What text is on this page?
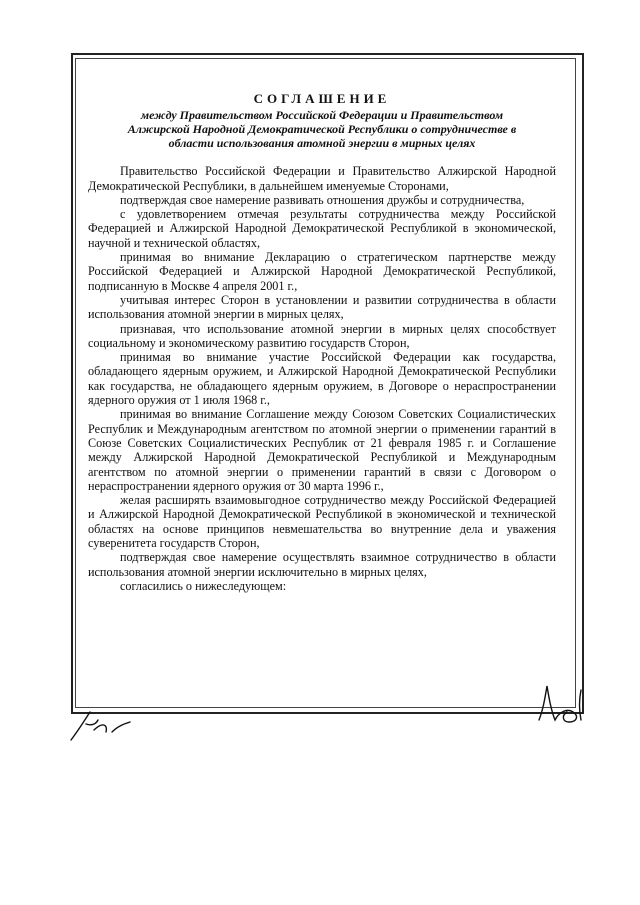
СОГЛАШЕНИЕ
между Правительством Российской Федерации и Правительством
Алжирской Народной Демократической Республики о сотрудничестве в
области использования атомной энергии в мирных целях

Правительство Российской Федерации и Правительство Алжирской Народной Демократической Республики, в дальнейшем именуемые Сторонами,

подтверждая свое намерение развивать отношения дружбы и сотрудничества,

с удовлетворением отмечая результаты сотрудничества между Российской Федерацией и Алжирской Народной Демократической Республикой в экономической, научной и технической областях,

принимая во внимание Декларацию о стратегическом партнерстве между Российской Федерацией и Алжирской Народной Демократической Республикой, подписанную в Москве 4 апреля 2001 г.,

учитывая интерес Сторон в установлении и развитии сотрудничества в области использования атомной энергии в мирных целях,

признавая, что использование атомной энергии в мирных целях способствует социальному и экономическому развитию государств Сторон,

принимая во внимание участие Российской Федерации как государства, обладающего ядерным оружием, и Алжирской Народной Демократической Республики как государства, не обладающего ядерным оружием, в Договоре о нераспространении ядерного оружия от 1 июля 1968 г.,

принимая во внимание Соглашение между Союзом Советских Социалистических Республик и Международным агентством по атомной энергии о применении гарантий в Союзе Советских Социалистических Республик от 21 февраля 1985 г. и Соглашение между Алжирской Народной Демократической Республикой и Международным агентством по атомной энергии о применении гарантий в связи с Договором о нераспространении ядерного оружия от 30 марта 1996 г.,

желая расширять взаимовыгодное сотрудничество между Российской Федерацией и Алжирской Народной Демократической Республикой в экономической и технической областях на основе принципов невмешательства во внутренние дела и уважения суверенитета государств Сторон,

подтверждая свое намерение осуществлять взаимное сотрудничество в области использования атомной энергии исключительно в мирных целях,

согласились о нижеследующем:
